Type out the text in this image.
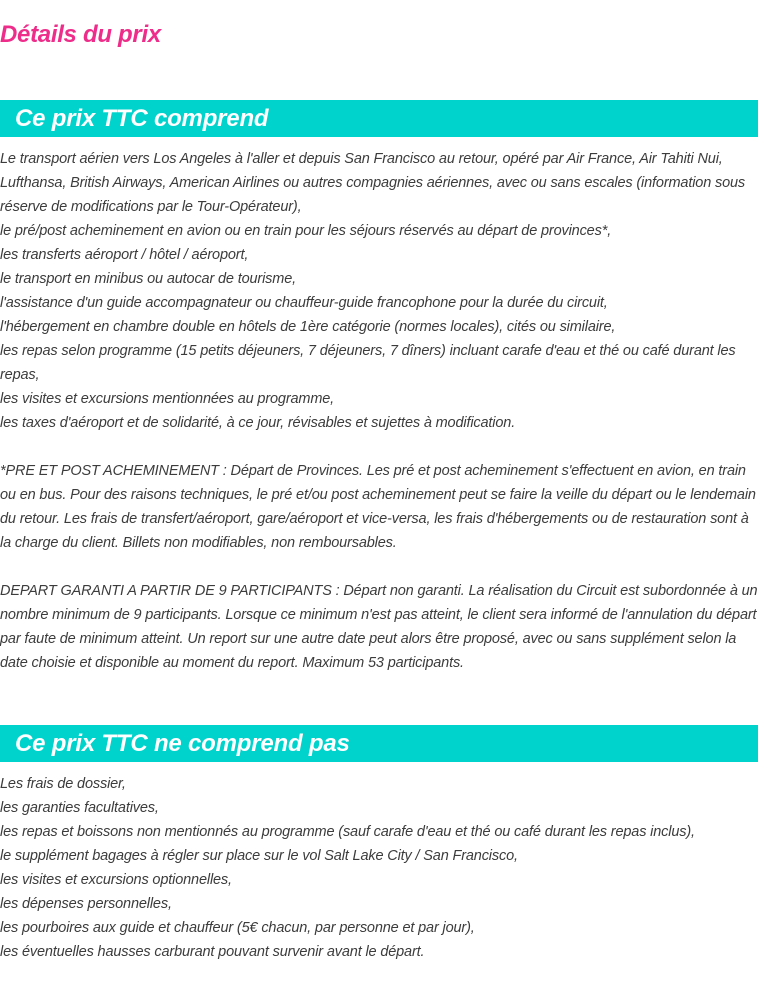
Détails du prix
Ce prix TTC comprend

Le transport aérien vers Los Angeles à l'aller et depuis San Francisco au retour, opéré par Air France, Air Tahiti Nui, Lufthansa, British Airways, American Airlines ou autres compagnies aériennes, avec ou sans escales (information sous réserve de modifications par le Tour-Opérateur),

le pré/post acheminement en avion ou en train pour les séjours réservés au départ de provinces*,

les transferts aéroport / hôtel / aéroport,

le transport en minibus ou autocar de tourisme,

l'assistance d'un guide accompagnateur ou chauffeur-guide francophone pour la durée du circuit,

l'hébergement en chambre double en hôtels de 1ère catégorie (normes locales), cités ou similaire,

les repas selon programme (15 petits déjeuners, 7 déjeuners, 7 dîners) incluant carafe d'eau et thé ou café durant les repas,

les visites et excursions mentionnées au programme,

les taxes d'aéroport et de solidarité, à ce jour, révisables et sujettes à modification.

*PRE ET POST ACHEMINEMENT : Départ de Provinces. Les pré et post acheminement s'effectuent en avion, en train ou en bus. Pour des raisons techniques, le pré et/ou post acheminement peut se faire la veille du départ ou le lendemain du retour. Les frais de transfert/aéroport, gare/aéroport et vice-versa, les frais d'hébergements ou de restauration sont à la charge du client. Billets non modifiables, non remboursables.

DEPART GARANTI A PARTIR DE 9 PARTICIPANTS : Départ non garanti. La réalisation du Circuit est subordonnée à un nombre minimum de 9 participants. Lorsque ce minimum n'est pas atteint, le client sera informé de l'annulation du départ par faute de minimum atteint. Un report sur une autre date peut alors être proposé, avec ou sans supplément selon la date choisie et disponible au moment du report. Maximum 53 participants.

Ce prix TTC ne comprend pas

Les frais de dossier,

les garanties facultatives,

les repas et boissons non mentionnés au programme (sauf carafe d'eau et thé ou café durant les repas inclus),

le supplément bagages à régler sur place sur le vol Salt Lake City / San Francisco,

les visites et excursions optionnelles,

les dépenses personnelles,

les pourboires aux guide et chauffeur (5€ chacun, par personne et par jour),

les éventuelles hausses carburant pouvant survenir avant le départ.
